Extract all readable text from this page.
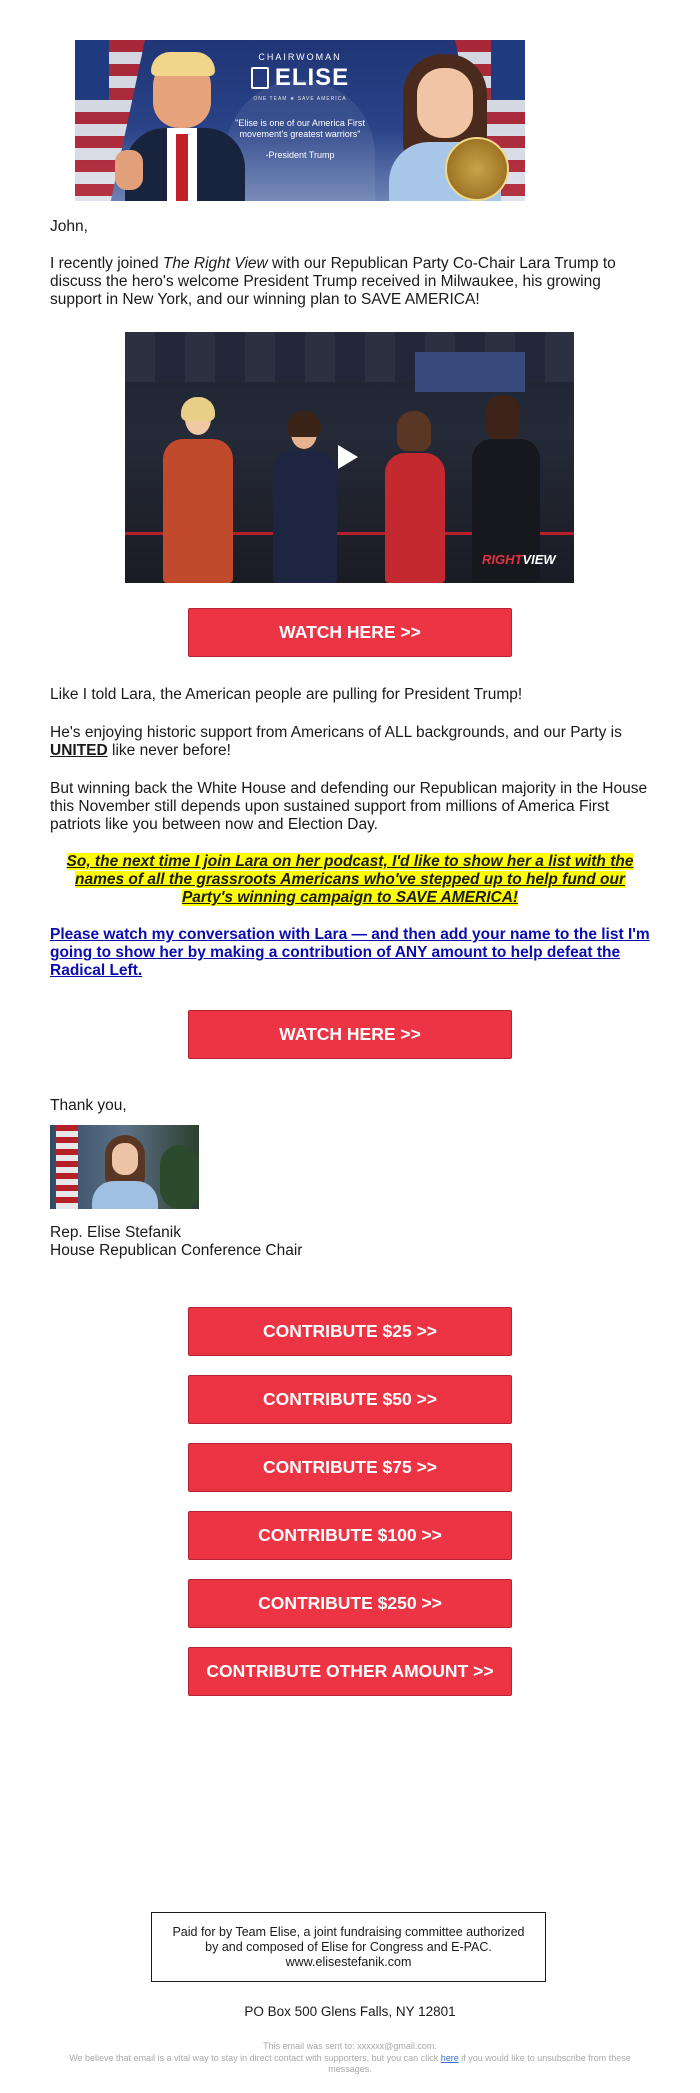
CHAIRWOMAN
ELISE
ONE TEAM ★ SAVE AMERICA
"Elise is one of our America First movement's greatest warriors"
-President Trump
John,
I recently joined The Right View with our Republican Party Co-Chair Lara Trump to discuss the hero's welcome President Trump received in Milwaukee, his growing support in New York, and our winning plan to SAVE AMERICA!
RIGHTVIEW
WATCH HERE >>
Like I told Lara, the American people are pulling for President Trump!
He's enjoying historic support from Americans of ALL backgrounds, and our Party is UNITED like never before!
But winning back the White House and defending our Republican majority in the House this November still depends upon sustained support from millions of America First patriots like you between now and Election Day.
So, the next time I join Lara on her podcast, I'd like to show her a list with the names of all the grassroots Americans who've stepped up to help fund our Party's winning campaign to SAVE AMERICA!
Please watch my conversation with Lara — and then add your name to the list I'm going to show her by making a contribution of ANY amount to help defeat the Radical Left.
WATCH HERE >>
Thank you,
Rep. Elise Stefanik
House Republican Conference Chair
CONTRIBUTE $25 >>
CONTRIBUTE $50 >>
CONTRIBUTE $75 >>
CONTRIBUTE $100 >>
CONTRIBUTE $250 >>
CONTRIBUTE OTHER AMOUNT >>
Paid for by Team Elise, a joint fundraising committee authorized by and composed of Elise for Congress and E-PAC. www.elisestefanik.com
PO Box 500 Glens Falls, NY 12801
This email was sent to: xxxxxx@gmail.com.
We believe that email is a vital way to stay in direct contact with supporters, but you can click here if you would like to unsubscribe from these messages.
